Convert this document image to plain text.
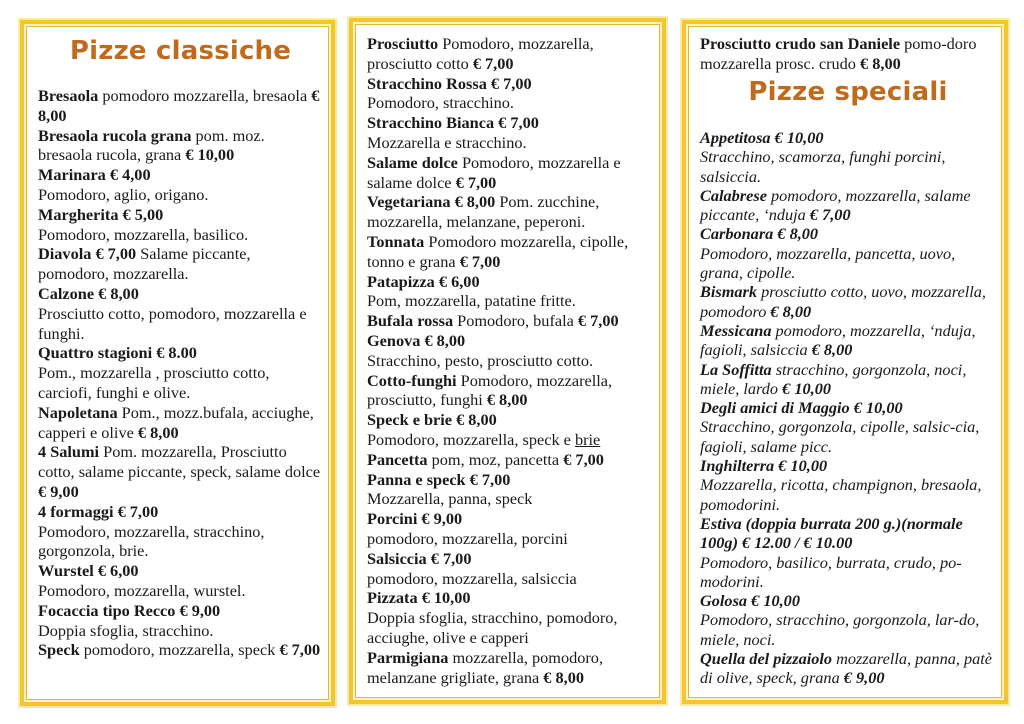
Pizze classiche
Bresaola pomodoro mozzarella, bresaola € 8,00
Bresaola rucola grana pom. moz. bresaola rucola, grana € 10,00
Marinara € 4,00
Pomodoro, aglio, origano.
Margherita € 5,00
Pomodoro, mozzarella, basilico.
Diavola € 7,00 Salame piccante, pomodoro, mozzarella.
Calzone € 8,00
Prosciutto cotto, pomodoro, mozzarella e funghi.
Quattro stagioni € 8.00
Pom., mozzarella , prosciutto cotto, carciofi, funghi e olive.
Napoletana Pom., mozz.bufala, acciughe, capperi e olive € 8,00
4 Salumi Pom. mozzarella, Prosciutto cotto, salame piccante, speck, salame dolce € 9,00
4 formaggi € 7,00
Pomodoro, mozzarella, stracchino, gorgonzola, brie.
Wurstel € 6,00
Pomodoro, mozzarella, wurstel.
Focaccia tipo Recco € 9,00
Doppia sfoglia, stracchino.
Speck pomodoro, mozzarella, speck € 7,00
Prosciutto Pomodoro, mozzarella, prosciutto cotto € 7,00
Stracchino Rossa € 7,00
Pomodoro, stracchino.
Stracchino Bianca € 7,00
Mozzarella e stracchino.
Salame dolce Pomodoro, mozzarella e salame dolce € 7,00
Vegetariana € 8,00 Pom. zucchine, mozzarella, melanzane, peperoni.
Tonnata Pomodoro mozzarella, cipolle, tonno e grana € 7,00
Patapizza € 6,00
Pom, mozzarella, patatine fritte.
Bufala rossa Pomodoro, bufala € 7,00
Genova € 8,00
Stracchino, pesto, prosciutto cotto.
Cotto-funghi Pomodoro, mozzarella, prosciutto, funghi € 8,00
Speck e brie € 8,00
Pomodoro, mozzarella, speck e brie
Pancetta pom, moz, pancetta € 7,00
Panna e speck € 7,00
Mozzarella, panna, speck
Porcini € 9,00
pomodoro, mozzarella, porcini
Salsiccia € 7,00
pomodoro, mozzarella, salsiccia
Pizzata € 10,00
Doppia sfoglia, stracchino, pomodoro, acciughe, olive e capperi
Parmigiana mozzarella, pomodoro, melanzane grigliate, grana € 8,00
Prosciutto crudo san Daniele pomo-doro mozzarella prosc. crudo € 8,00
Pizze speciali
Appetitosa € 10,00
Stracchino, scamorza, funghi porcini, salsiccia.
Calabrese pomodoro, mozzarella, salame piccante, ‘nduja € 7,00
Carbonara € 8,00
Pomodoro, mozzarella, pancetta, uovo, grana, cipolle.
Bismark prosciutto cotto, uovo, mozzarella, pomodoro € 8,00
Messicana pomodoro, mozzarella, ‘nduja, fagioli, salsiccia € 8,00
La Soffitta stracchino, gorgonzola, noci, miele, lardo € 10,00
Degli amici di Maggio € 10,00
Stracchino, gorgonzola, cipolle, salsic-cia, fagioli, salame picc.
Inghilterra € 10,00
Mozzarella, ricotta, champignon, bresaola, pomodorini.
Estiva (doppia burrata 200 g.)(normale 100g) € 12.00 / € 10.00
Pomodoro, basilico, burrata, crudo, po-modorini.
Golosa € 10,00
Pomodoro, stracchino, gorgonzola, lar-do, miele, noci.
Quella del pizzaiolo mozzarella, panna, patè di olive, speck, grana € 9,00
